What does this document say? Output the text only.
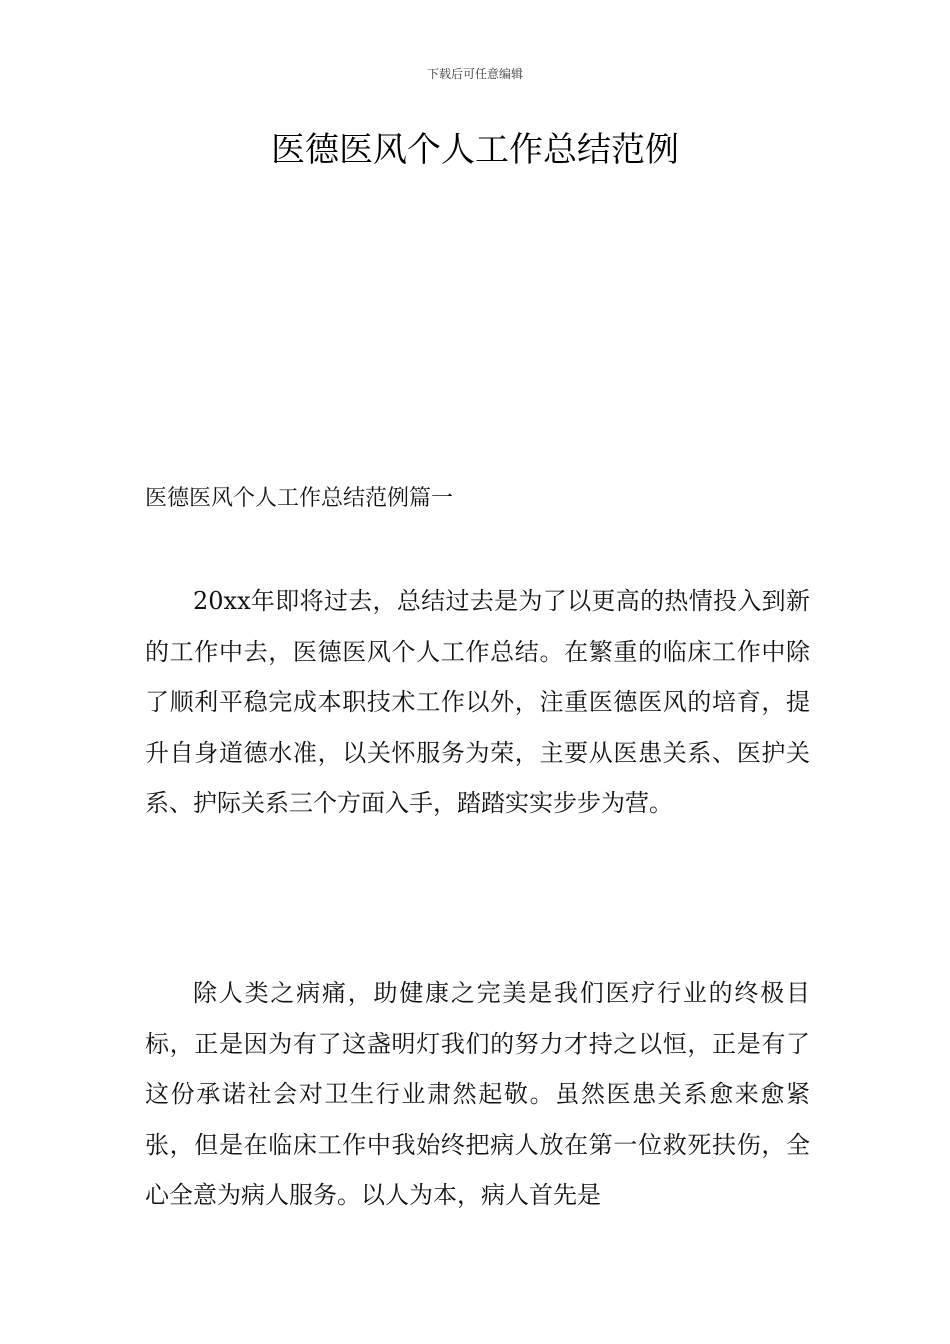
下载后可任意编辑
医德医风个人工作总结范例
医德医风个人工作总结范例篇一

20xx年即将过去，总结过去是为了以更高的热情投入到新的工作中去，医德医风个人工作总结。在繁重的临床工作中除了顺利平稳完成本职技术工作以外，注重医德医风的培育，提升自身道德水准，以关怀服务为荣，主要从医患关系、医护关系、护际关系三个方面入手，踏踏实实步步为营。

除人类之病痛，助健康之完美是我们医疗行业的终极目标，正是因为有了这盏明灯我们的努力才持之以恒，正是有了这份承诺社会对卫生行业肃然起敬。虽然医患关系愈来愈紧张，但是在临床工作中我始终把病人放在第一位救死扶伤，全心全意为病人服务。以人为本，病人首先是
